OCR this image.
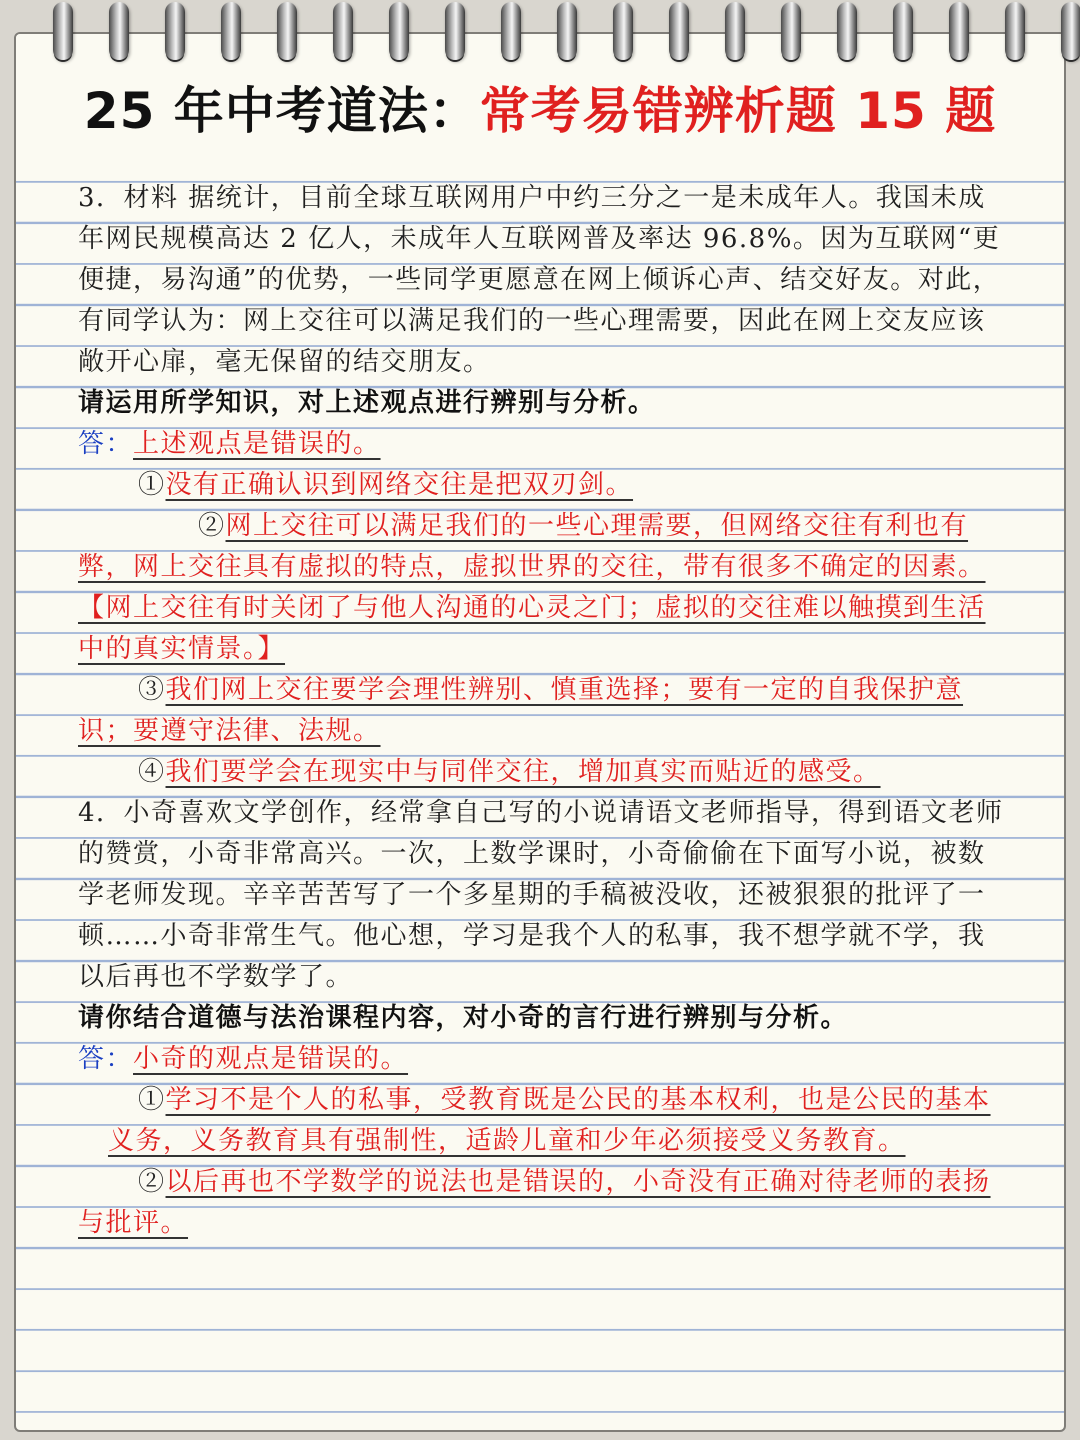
25 年中考道法：常考易错辨析题 15 题

3．材料 据统计，目前全球互联网用户中约三分之一是未成年人。我国未成年网民规模高达 2 亿人，未成年人互联网普及率达 96.8%。因为互联网“更便捷，易沟通”的优势，一些同学更愿意在网上倾诉心声、结交好友。对此，有同学认为：网上交往可以满足我们的一些心理需要，因此在网上交友应该敞开心扉，毫无保留的结交朋友。

请运用所学知识，对上述观点进行辨别与分析。

答：上述观点是错误的。

①没有正确认识到网络交往是把双刃剑。

②网上交往可以满足我们的一些心理需要，但网络交往有利也有弊，网上交往具有虚拟的特点，虚拟世界的交往，带有很多不确定的因素。【网上交往有时关闭了与他人沟通的心灵之门；虚拟的交往难以触摸到生活中的真实情景。】

③我们网上交往要学会理性辨别、慎重选择；要有一定的自我保护意识；要遵守法律、法规。

④我们要学会在现实中与同伴交往，增加真实而贴近的感受。

4．小奇喜欢文学创作，经常拿自己写的小说请语文老师指导，得到语文老师的赞赏，小奇非常高兴。一次，上数学课时，小奇偷偷在下面写小说，被数学老师发现。辛辛苦苦写了一个多星期的手稿被没收，还被狠狠的批评了一顿……小奇非常生气。他心想，学习是我个人的私事，我不想学就不学，我以后再也不学数学了。

请你结合道德与法治课程内容，对小奇的言行进行辨别与分析。

答：小奇的观点是错误的。

①学习不是个人的私事，受教育既是公民的基本权利，也是公民的基本义务，义务教育具有强制性，适龄儿童和少年必须接受义务教育。

②以后再也不学数学的说法也是错误的，小奇没有正确对待老师的表扬与批评。
